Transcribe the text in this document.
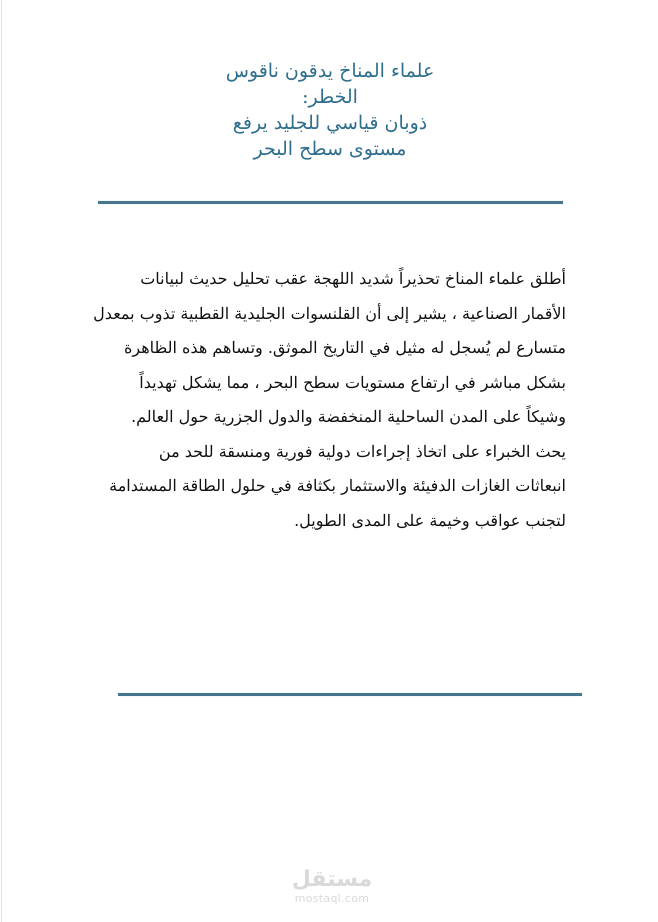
علماء المناخ يدقون ناقوس
الخطر:
ذوبان قياسي للجليد يرفع
مستوى سطح البحر
أطلق علماء المناخ تحذيراً شديد اللهجة عقب تحليل حديث لبيانات
الأقمار الصناعية ، يشير إلى أن القلنسوات الجليدية القطبية تذوب بمعدل
متسارع لم يُسجل له مثيل في التاريخ الموثق. وتساهم هذه الظاهرة
بشكل مباشر في ارتفاع مستويات سطح البحر ، مما يشكل تهديداً
وشيكاً على المدن الساحلية المنخفضة والدول الجزرية حول العالم.
يحث الخبراء على اتخاذ إجراءات دولية فورية ومنسقة للحد من
انبعاثات الغازات الدفيئة والاستثمار بكثافة في حلول الطاقة المستدامة
لتجنب عواقب وخيمة على المدى الطويل.
مستقل
mostaql.com
